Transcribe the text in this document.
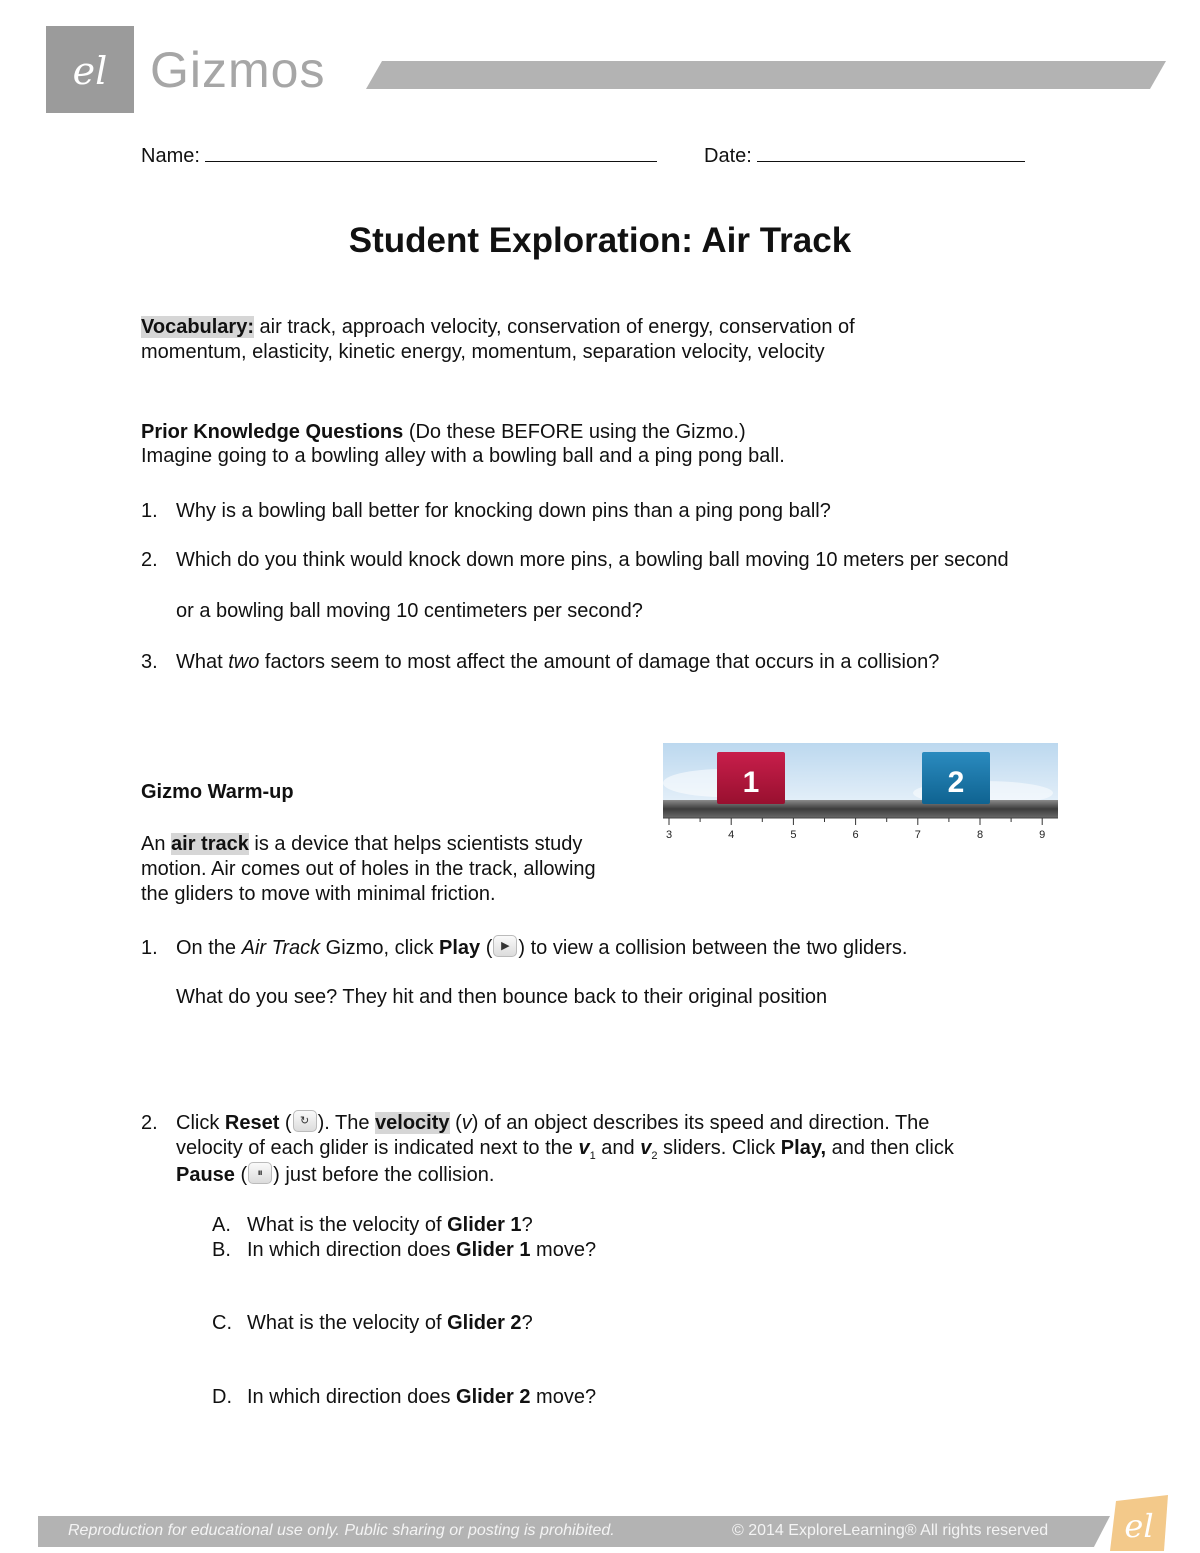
el Gizmos
Name:	Date:
Student Exploration: Air Track
Vocabulary: air track, approach velocity, conservation of energy, conservation of
momentum, elasticity, kinetic energy, momentum, separation velocity, velocity
Prior Knowledge Questions (Do these BEFORE using the Gizmo.)
Imagine going to a bowling alley with a bowling ball and a ping pong ball.
1. Why is a bowling ball better for knocking down pins than a ping pong ball?
2. Which do you think would knock down more pins, a bowling ball moving 10 meters per second
or a bowling ball moving 10 centimeters per second?
3. What two factors seem to most affect the amount of damage that occurs in a collision?
3	4	5	6	7	8	9
1	2
Gizmo Warm-up
An air track is a device that helps scientists study
motion. Air comes out of holes in the track, allowing
the gliders to move with minimal friction.
1. On the Air Track Gizmo, click Play ( ▶ ) to view a collision between the two gliders.
What do you see? They hit and then bounce back to their original position
2. Click Reset ( ↻ ). The velocity (v) of an object describes its speed and direction. The
velocity of each glider is indicated next to the $v_1$ and $v_2$ sliders. Click Play, and then click
Pause ( ⏸ ) just before the collision.
A. What is the velocity of Glider 1?
B. In which direction does Glider 1 move?
C. What is the velocity of Glider 2?
D. In which direction does Glider 2 move?
Reproduction for educational use only. Public sharing or posting is prohibited.	© 2014 ExploreLearning® All rights reserved el
